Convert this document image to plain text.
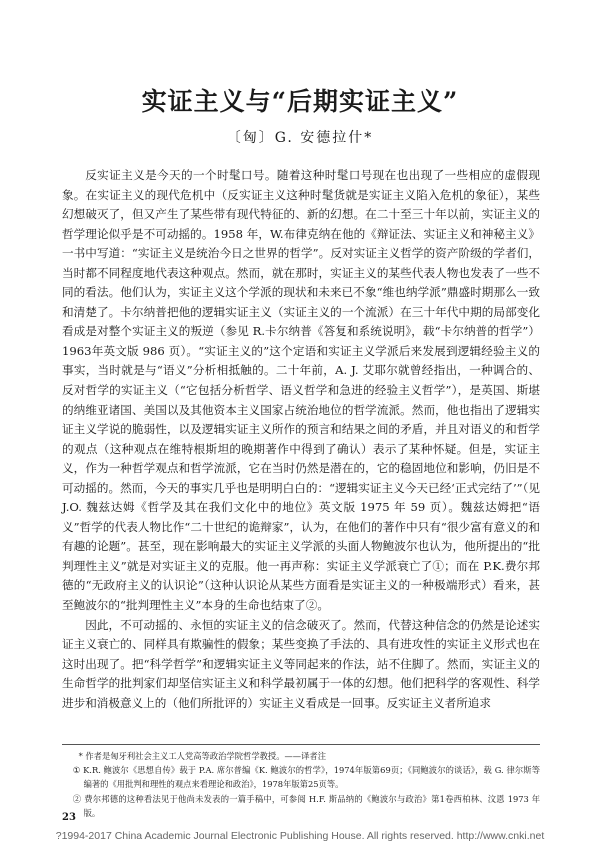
实证主义与“后期实证主义”
〔匈〕G. 安德拉什*

反实证主义是今天的一个时髦口号。随着这种时髦口号现在也出现了一些相应的虚假现象。在实证主义的现代危机中（反实证主义这种时髦货就是实证主义陷入危机的象征），某些幻想破灭了，但又产生了某些带有现代特征的、新的幻想。在二十至三十年以前，实证主义的哲学理论似乎是不可动摇的。1958 年，W.布律克纳在他的《辩证法、实证主义和神秘主义》一书中写道：“实证主义是统治今日之世界的哲学”。反对实证主义哲学的资产阶级的学者们，当时都不同程度地代表这种观点。然而，就在那时，实证主义的某些代表人物也发表了一些不同的看法。他们认为，实证主义这个学派的现状和未来已不象“维也纳学派”鼎盛时期那么一致和清楚了。卡尔纳普把他的逻辑实证主义（实证主义的一个流派）在三十年代中期的局部变化看成是对整个实证主义的叛逆（参见 R.卡尔纳普《答复和系统说明》，载“卡尔纳普的哲学”）1963年英文版 986 页）。“实证主义的”这个定语和实证主义学派后来发展到逻辑经验主义的事实，当时就是与“语义”分析相抵触的。二十年前，A. J. 艾耶尔就曾经指出，一种调合的、反对哲学的实证主义（“它包括分析哲学、语义哲学和急进的经验主义哲学”），是英国、斯堪的纳维亚诸国、美国以及其他资本主义国家占统治地位的哲学流派。然而，他也指出了逻辑实证主义学说的脆弱性，以及逻辑实证主义所作的预言和结果之间的矛盾，并且对语义的和哲学的观点（这种观点在维特根斯坦的晚期著作中得到了确认）表示了某种怀疑。但是，实证主义，作为一种哲学观点和哲学流派，它在当时仍然是潜在的，它的稳固地位和影响，仍旧是不可动摇的。然而，今天的事实几乎也是明明白白的：“逻辑实证主义今天已经‘正式完结了’”（见 J.O. 魏兹达姆《哲学及其在我们文化中的地位》英文版 1975 年 59 页）。魏兹达姆把“语义”哲学的代表人物比作“二十世纪的诡辩家”，认为，在他们的著作中只有“很少富有意义的和有趣的论题”。甚至，现在影响最大的实证主义学派的头面人物鲍波尔也认为，他所提出的“批判理性主义”就是对实证主义的克服。他一再声称：实证主义学派衰亡了①；而在 P.K.费尔邦德的“无政府主义的认识论”（这种认识论从某些方面看是实证主义的一种极端形式）看来，甚至鲍波尔的“批判理性主义”本身的生命也结束了②。

因此，不可动摇的、永恒的实证主义的信念破灭了。然而，代替这种信念的仍然是论述实证主义衰亡的、同样具有欺骗性的假象；某些变换了手法的、具有进攻性的实证主义形式也在这时出现了。把“科学哲学”和逻辑实证主义等同起来的作法，站不住脚了。然而，实证主义的生命哲学的批判家们却坚信实证主义和科学最初属于一体的幻想。他们把科学的客观性、科学进步和消极意义上的（他们所批评的）实证主义看成是一回事。反实证主义者所追求

* 作者是匈牙利社会主义工人党高等政治学院哲学教授。——译者注

① K.R. 鲍波尔《思想自传》载于 P.A. 席尔普编《K. 鲍波尔的哲学》，1974年版第69页；《同鲍波尔的谈话》，载 G. 律尔斯等编著的《用批判和理性的观点来看理论和政治》，1978年版第25页等。

② 费尔邦德的这种看法见于他尚未发表的一篇手稿中，可参阅 H.F. 斯品纳的《鲍波尔与政治》第1卷西柏林、汶恩 1973 年版。

23
?1994-2017 China Academic Journal Electronic Publishing House. All rights reserved. http://www.cnki.net
